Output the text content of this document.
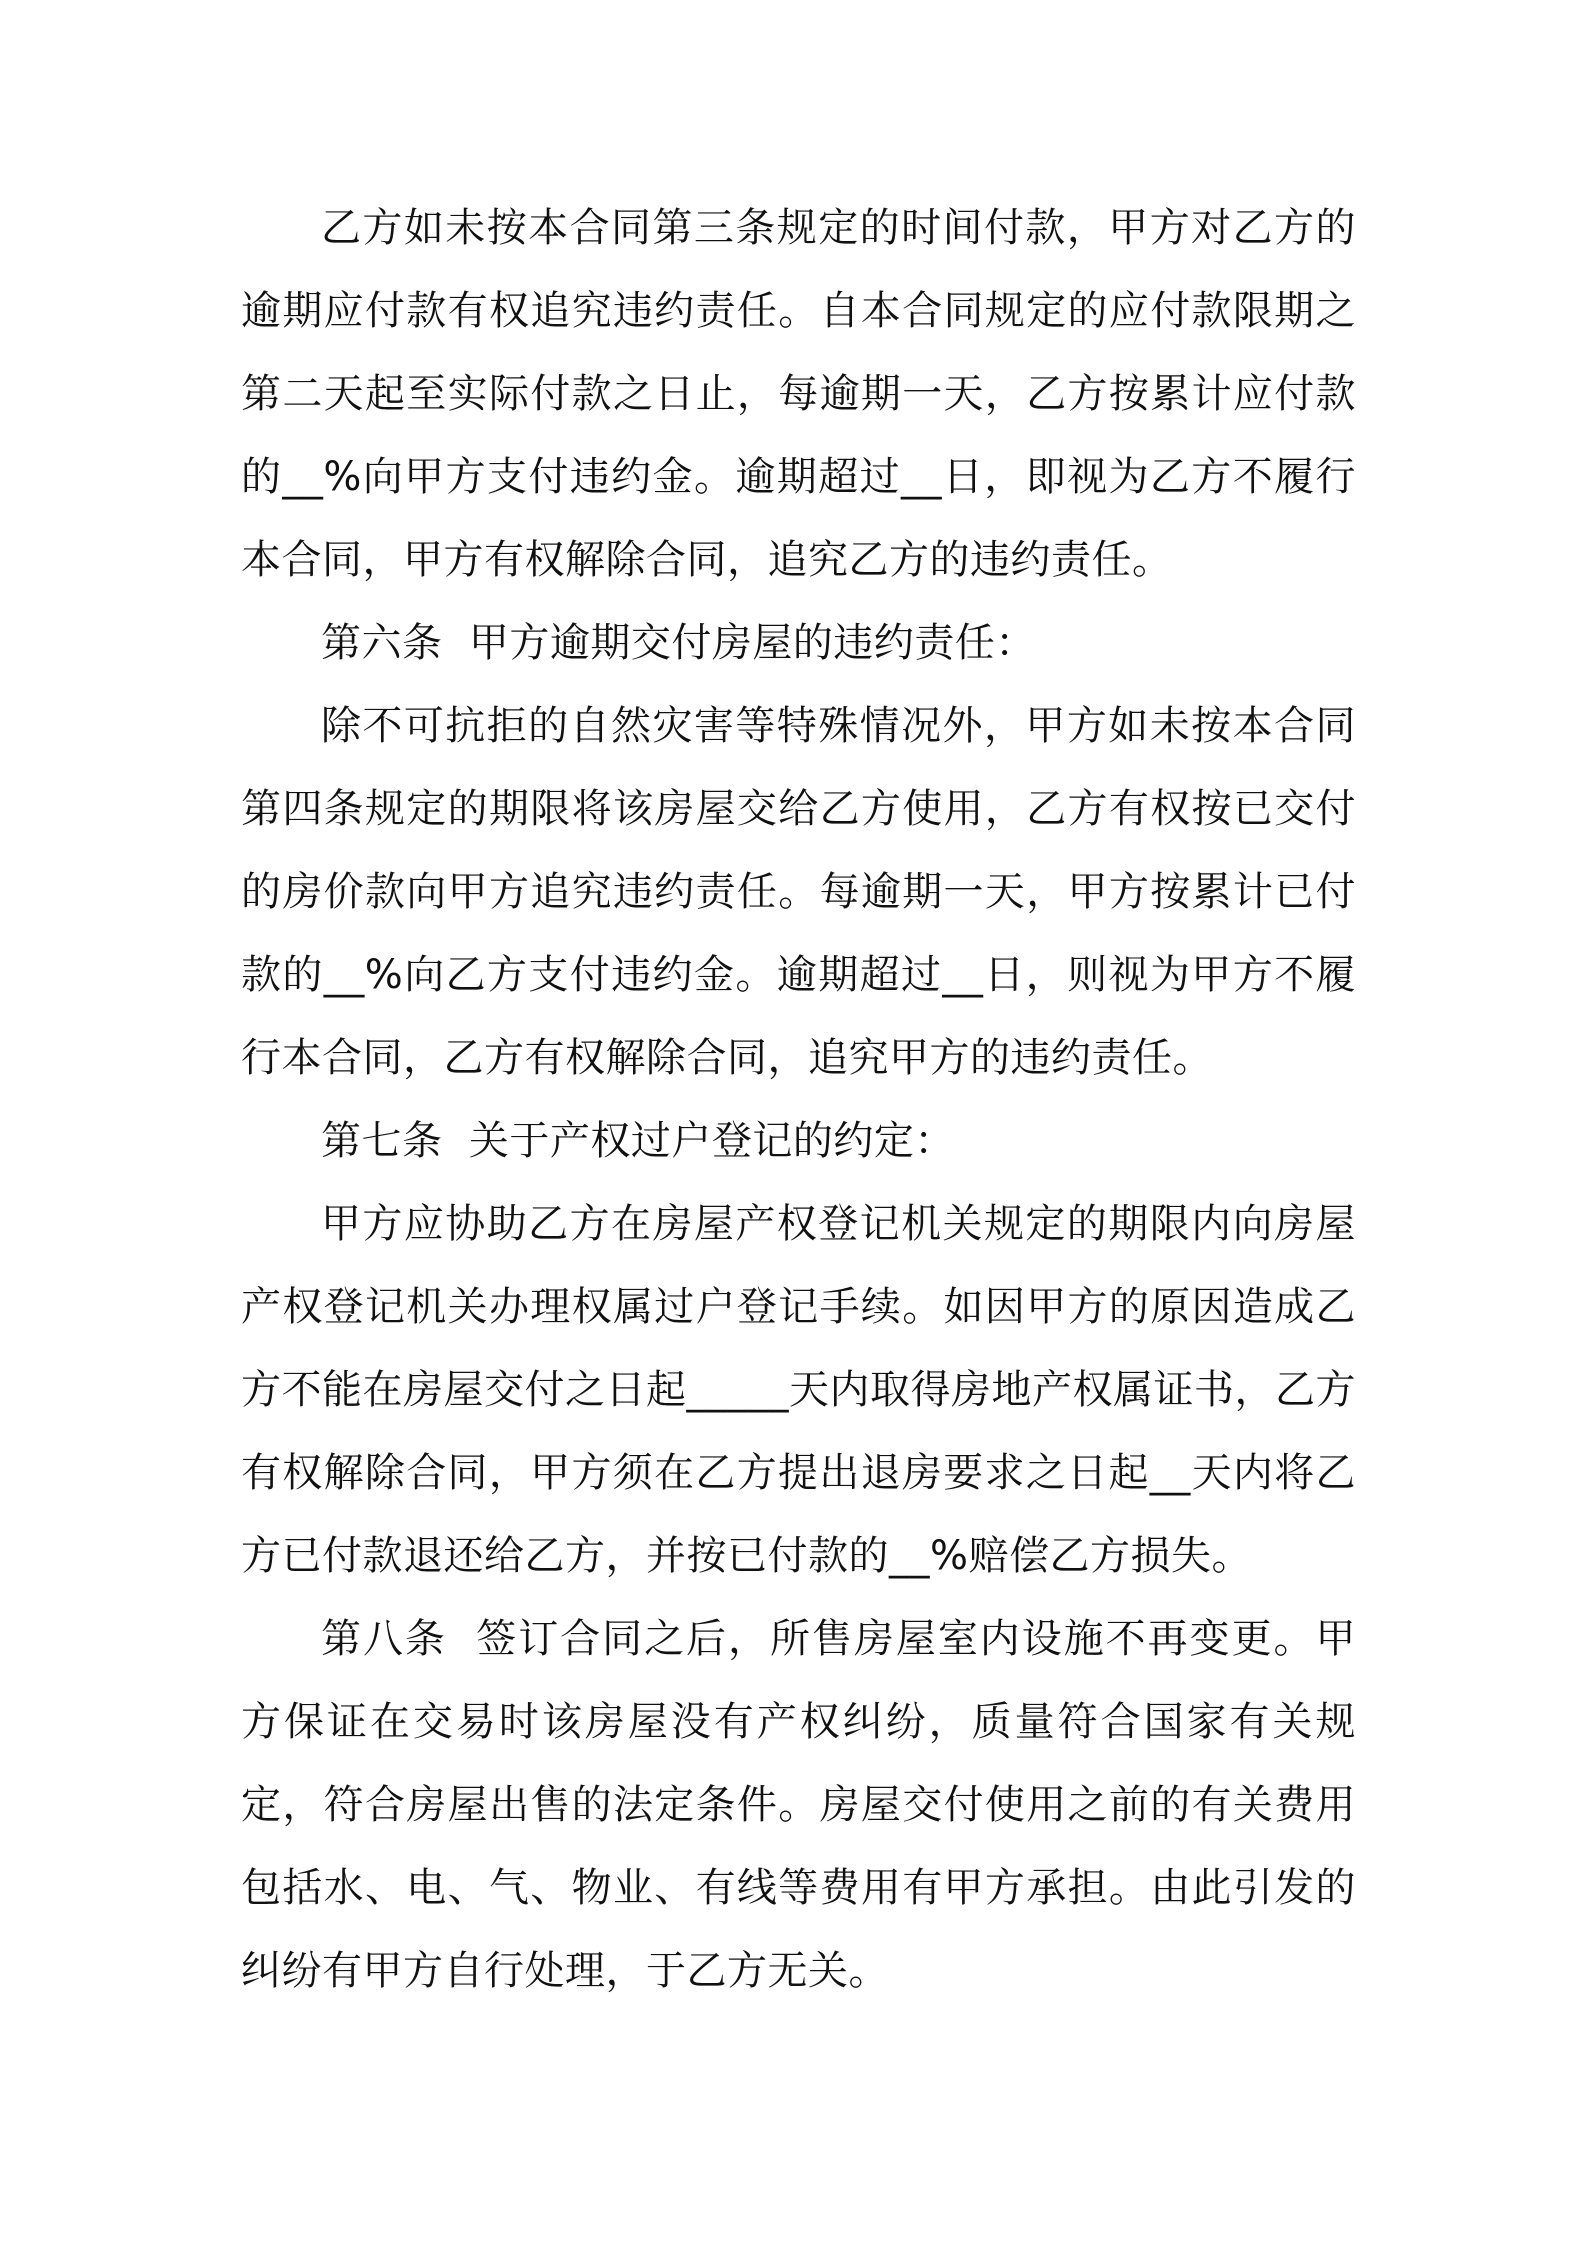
乙方如未按本合同第三条规定的时间付款，甲方对乙方的逾期应付款有权追究违约责任。自本合同规定的应付款限期之第二天起至实际付款之日止，每逾期一天，乙方按累计应付款的__%向甲方支付违约金。逾期超过__日，即视为乙方不履行本合同，甲方有权解除合同，追究乙方的违约责任。

第六条  甲方逾期交付房屋的违约责任：

除不可抗拒的自然灾害等特殊情况外，甲方如未按本合同第四条规定的期限将该房屋交给乙方使用，乙方有权按已交付的房价款向甲方追究违约责任。每逾期一天，甲方按累计已付款的__%向乙方支付违约金。逾期超过__日，则视为甲方不履行本合同，乙方有权解除合同，追究甲方的违约责任。

第七条  关于产权过户登记的约定：

甲方应协助乙方在房屋产权登记机关规定的期限内向房屋产权登记机关办理权属过户登记手续。如因甲方的原因造成乙方不能在房屋交付之日起_____天内取得房地产权属证书，乙方有权解除合同，甲方须在乙方提出退房要求之日起__天内将乙方已付款退还给乙方，并按已付款的__%赔偿乙方损失。

第八条  签订合同之后，所售房屋室内设施不再变更。甲方保证在交易时该房屋没有产权纠纷，质量符合国家有关规定，符合房屋出售的法定条件。房屋交付使用之前的有关费用包括水、电、气、物业、有线等费用有甲方承担。由此引发的纠纷有甲方自行处理，于乙方无关。
